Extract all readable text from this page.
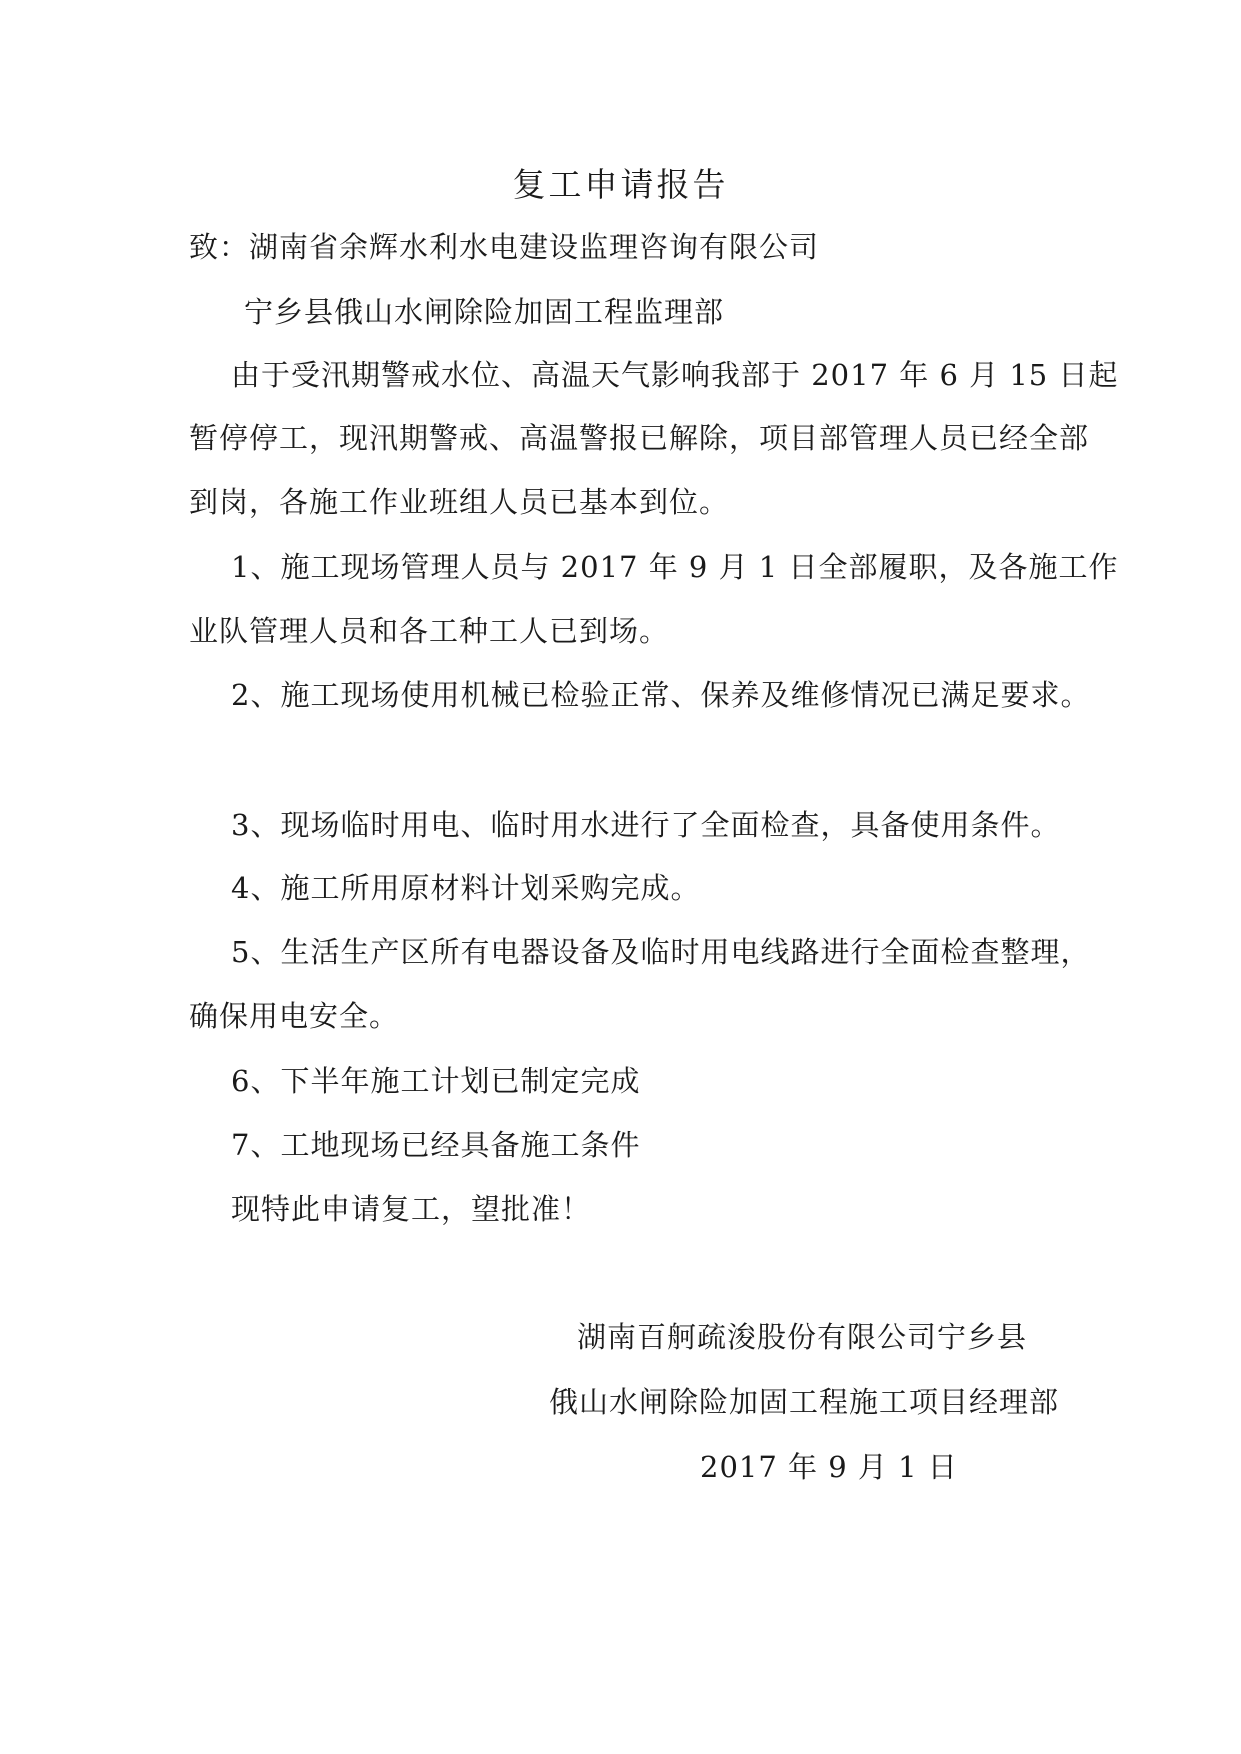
复工申请报告
致：湖南省余辉水利水电建设监理咨询有限公司
宁乡县俄山水闸除险加固工程监理部
由于受汛期警戒水位、高温天气影响我部于 2017 年 6 月 15 日起
暂停停工，现汛期警戒、高温警报已解除，项目部管理人员已经全部
到岗，各施工作业班组人员已基本到位。
1、施工现场管理人员与 2017 年 9 月 1 日全部履职，及各施工作
业队管理人员和各工种工人已到场。
2、施工现场使用机械已检验正常、保养及维修情况已满足要求。
3、现场临时用电、临时用水进行了全面检查，具备使用条件。
4、施工所用原材料计划采购完成。
5、生活生产区所有电器设备及临时用电线路进行全面检查整理，
确保用电安全。
6、下半年施工计划已制定完成
7、工地现场已经具备施工条件
现特此申请复工，望批准！
湖南百舸疏浚股份有限公司宁乡县
俄山水闸除险加固工程施工项目经理部
2017 年 9 月 1 日
